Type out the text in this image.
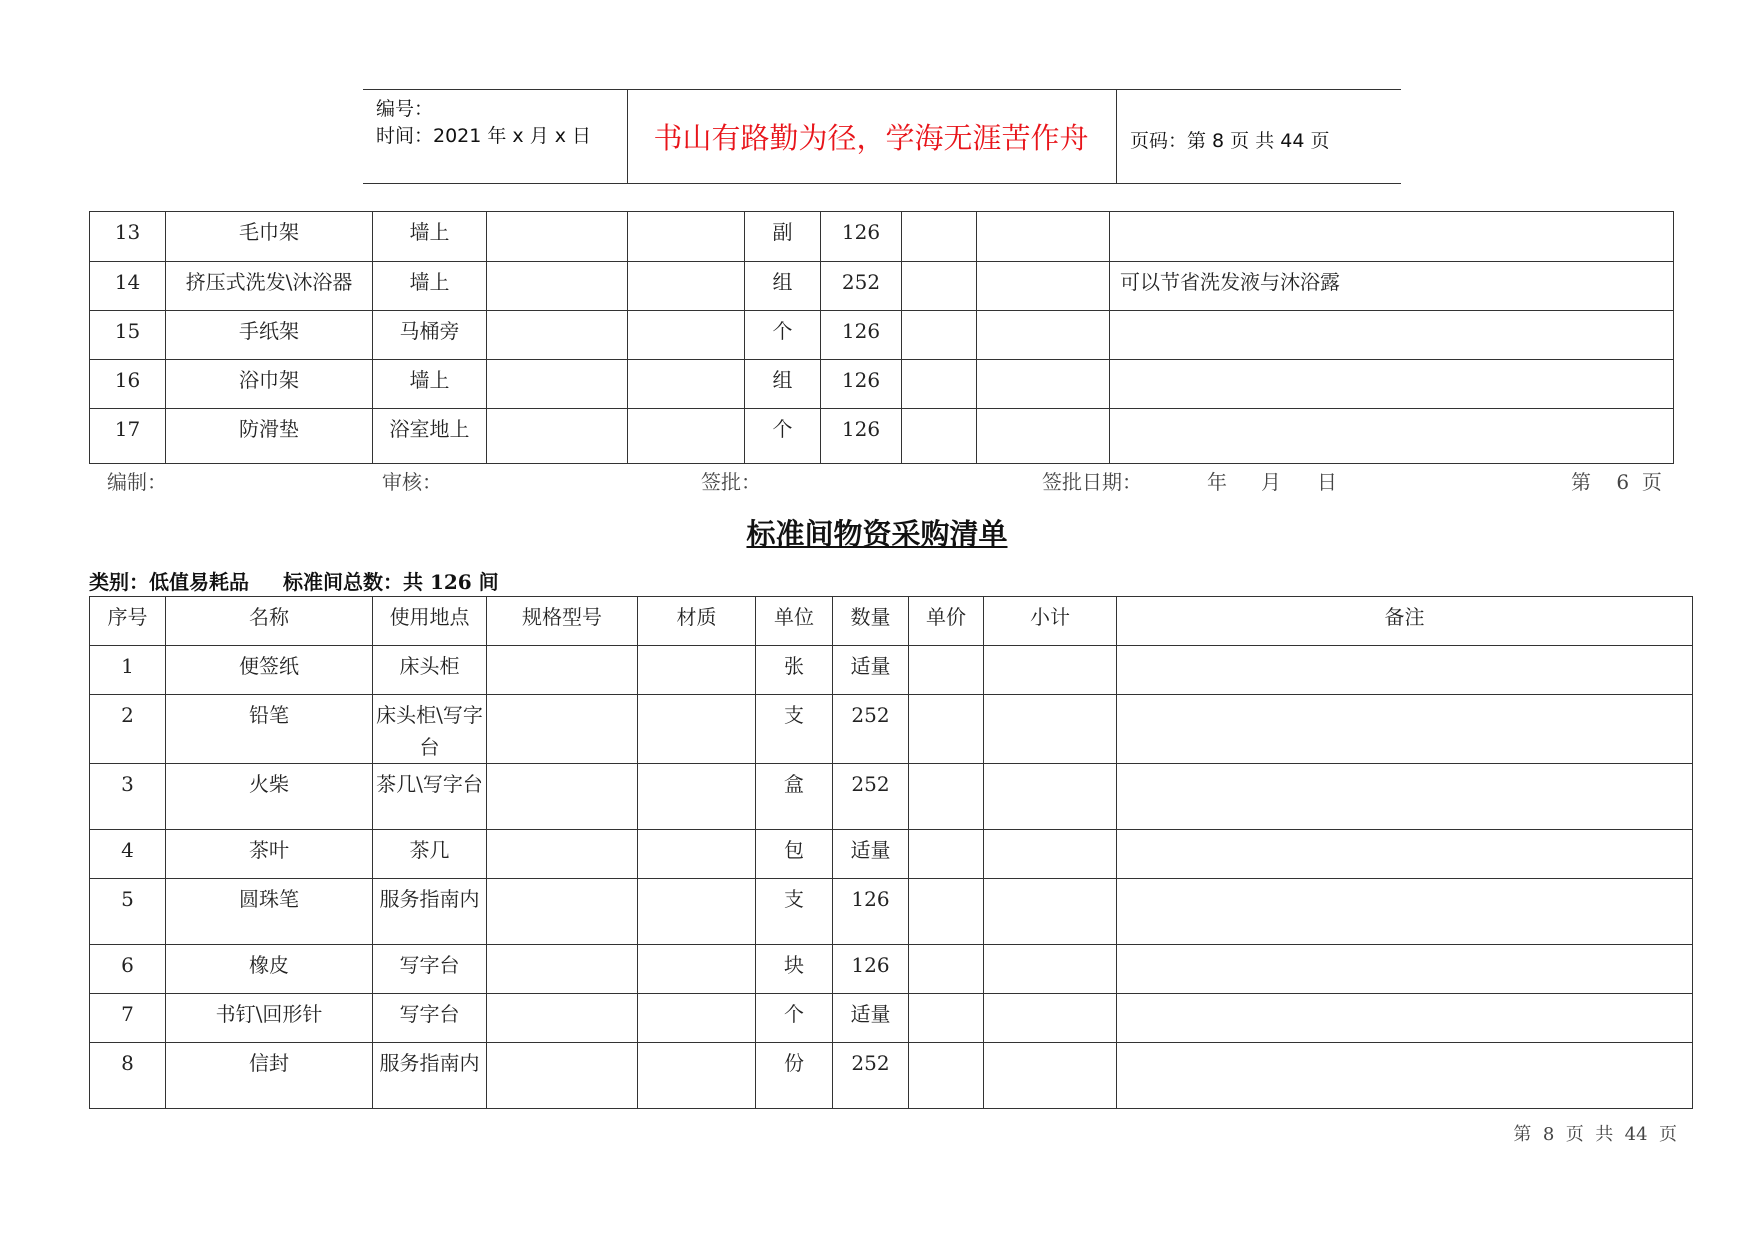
编号：
时间：2021 年 x 月 x 日	书山有路勤为径，学海无涯苦作舟	页码：第 8 页 共 44 页
13	毛巾架	墙上			副	126			

14	挤压式洗发\沐浴器	墙上			组	252			可以节省洗发液与沐浴露

15	手纸架	马桶旁			个	126			

16	浴巾架	墙上			组	126			

17	防滑垫	浴室地上			个	126			

编制：	审核：	签批：	签批日期：	年 月 日	第    6  页
标准间物资采购清单
类别：低值易耗品 标准间总数：共 126 间
序号	名称	使用地点	规格型号	材质	单位	数量	单价	小计	备注

1	便签纸	床头柜			张	适量			

2	铅笔	床头柜\写字台			支	252			

3	火柴	茶几\写字台			盒	252			

4	茶叶	茶几			包	适量			

5	圆珠笔	服务指南内			支	126			

6	橡皮	写字台			块	126			

7	书钉\回形针	写字台			个	适量			

8	信封	服务指南内			份	252			

第  8  页  共  44  页
